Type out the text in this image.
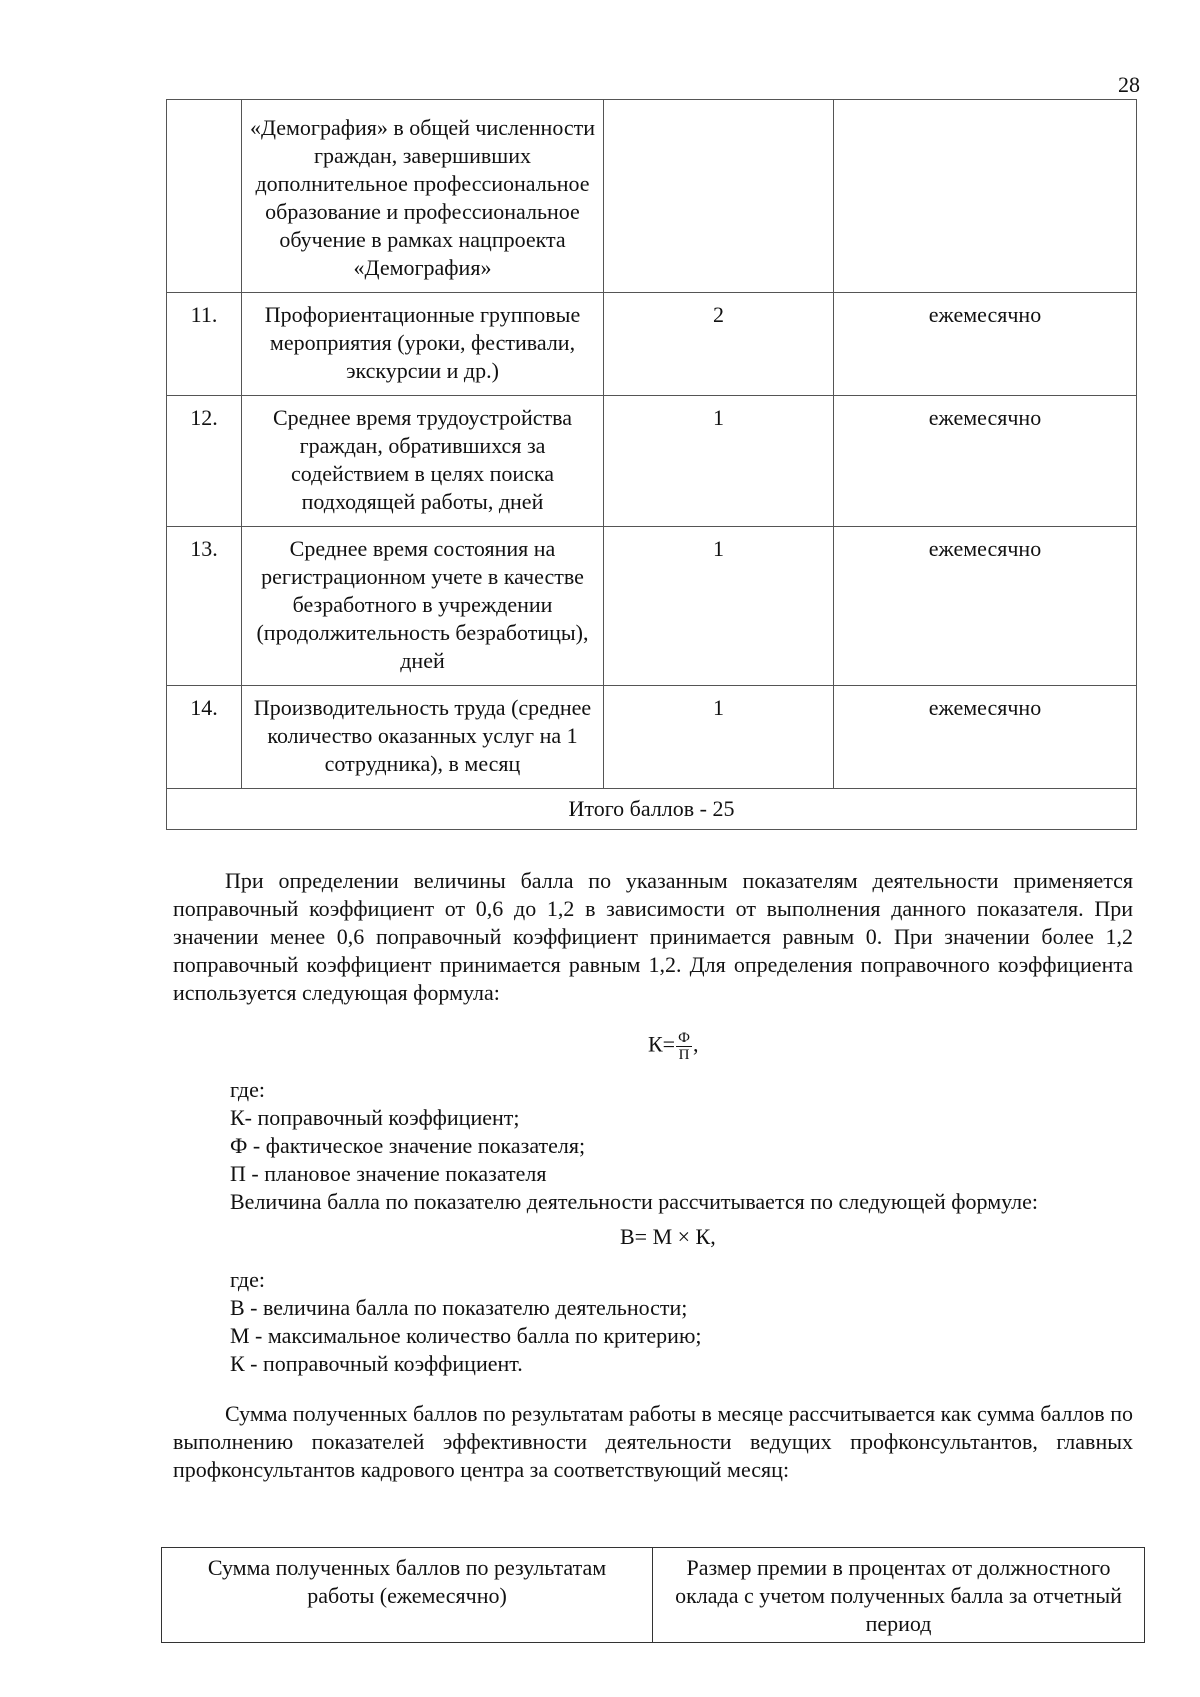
28
	«Демография» в общей численности граждан, завершивших дополнительное профессиональное образование и профессиональное обучение в рамках нацпроекта «Демография»		
11.	Профориентационные групповые мероприятия (уроки, фестивали, экскурсии и др.)	2	ежемесячно
12.	Среднее время трудоустройства граждан, обратившихся за содействием в целях поиска подходящей работы, дней	1	ежемесячно
13.	Среднее время состояния на регистрационном учете в качестве безработного в учреждении (продолжительность безработицы), дней	1	ежемесячно
14.	Производительность труда (среднее количество оказанных услуг на 1 сотрудника), в месяц	1	ежемесячно
Итого баллов - 25			

При определении величины балла по указанным показателям деятельности применяется поправочный коэффициент от 0,6 до 1,2 в зависимости от выполнения данного показателя. При значении менее 0,6 поправочный коэффициент принимается равным 0. При значении более 1,2 поправочный коэффициент принимается равным 1,2. Для определения поправочного коэффициента используется следующая формула:

$К= \frac{Ф}{П}$ ,

где:

К- поправочный коэффициент;

Ф - фактическое значение показателя;

П - плановое значение показателя

Величина балла по показателю деятельности рассчитывается по следующей формуле:

В= М × К,

где:

В - величина балла по показателю деятельности;

М - максимальное количество балла по критерию;

К - поправочный коэффициент.

Сумма полученных баллов по результатам работы в месяце рассчитывается как сумма баллов по выполнению показателей эффективности деятельности ведущих профконсультантов, главных профконсультантов кадрового центра за соответствующий месяц:

Сумма полученных баллов по результатам работы (ежемесячно)	Размер премии в процентах от должностного оклада с учетом полученных балла за отчетный период
